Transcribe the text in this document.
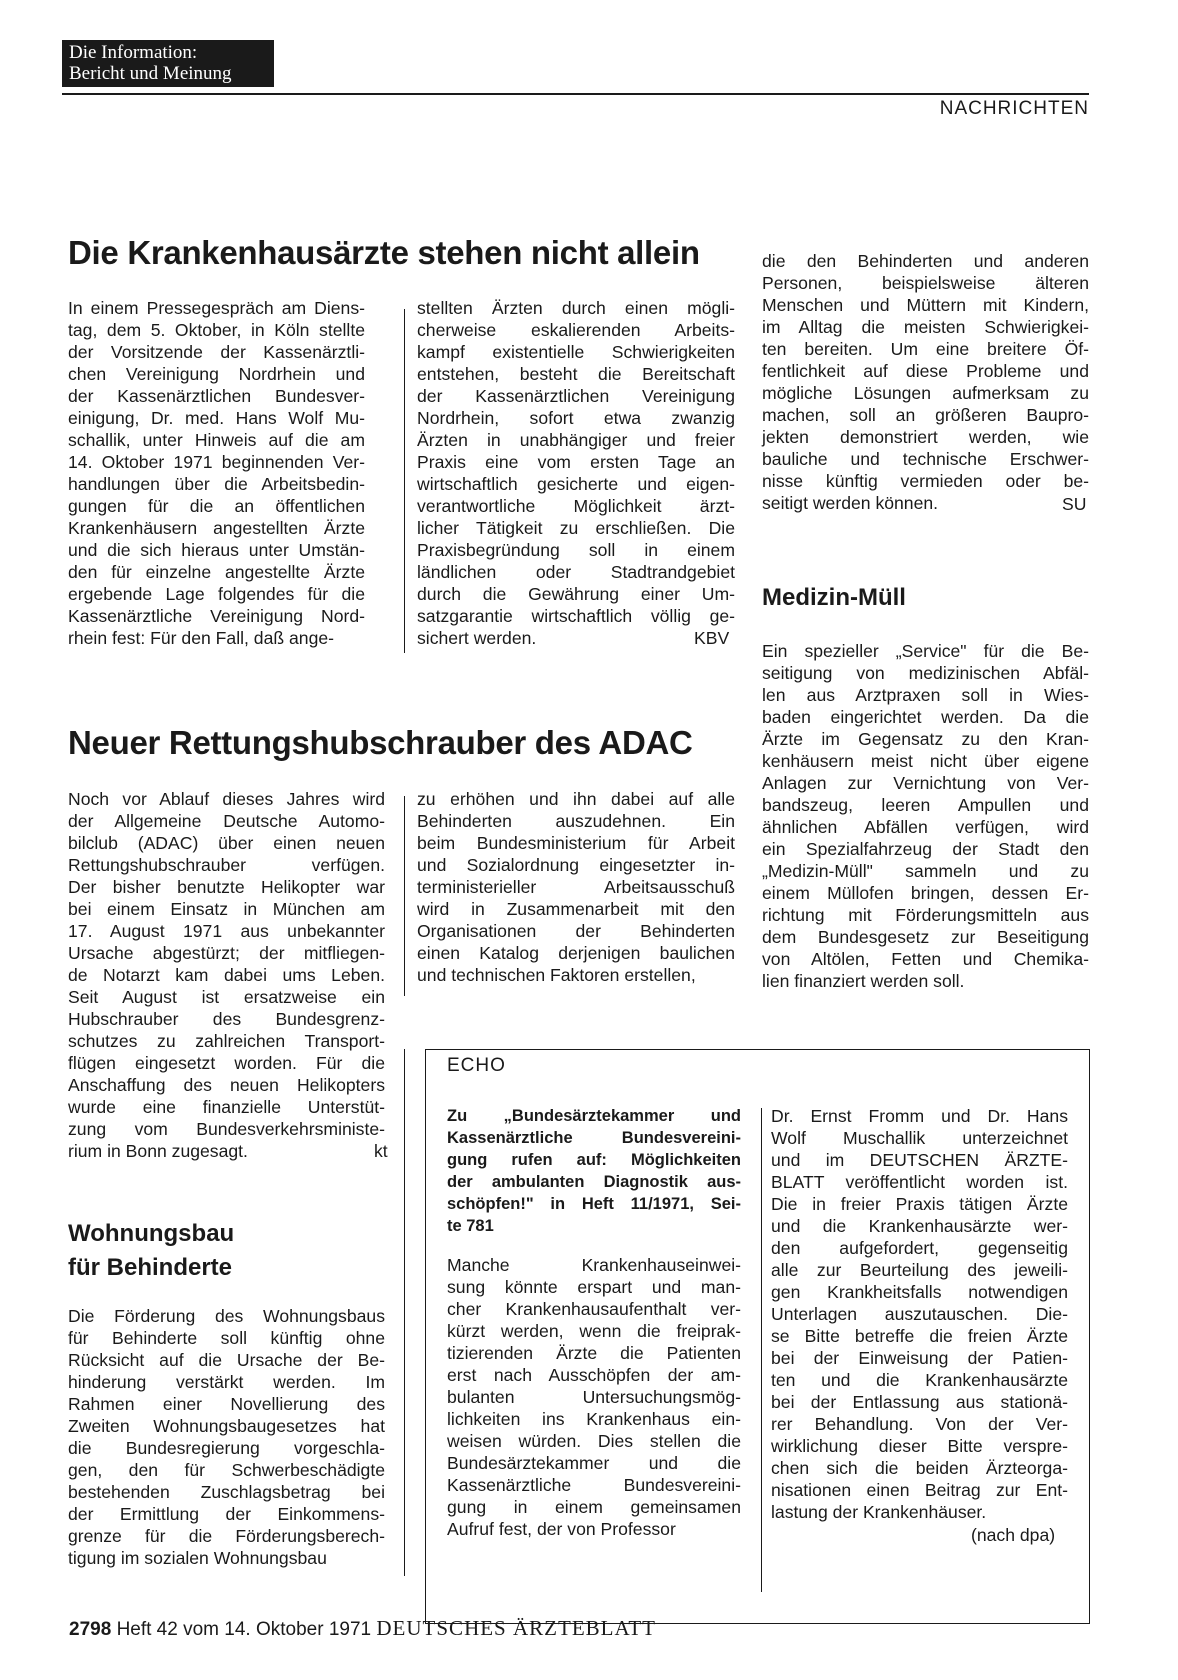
Die Information:
Bericht und Meinung
NACHRICHTEN
Die Krankenhausärzte stehen nicht allein
In einem Pressegespräch am Diens-
tag, dem 5. Oktober, in Köln stellte
der Vorsitzende der Kassenärztli-
chen Vereinigung Nordrhein und
der Kassenärztlichen Bundesver-
einigung, Dr. med. Hans Wolf Mu-
schallik, unter Hinweis auf die am
14. Oktober 1971 beginnenden Ver-
handlungen über die Arbeitsbedin-
gungen für die an öffentlichen
Krankenhäusern angestellten Ärzte
und die sich hieraus unter Umstän-
den für einzelne angestellte Ärzte
ergebende Lage folgendes für die
Kassenärztliche Vereinigung Nord-
rhein fest: Für den Fall, daß ange-
stellten Ärzten durch einen mögli-
cherweise eskalierenden Arbeits-
kampf existentielle Schwierigkeiten
entstehen, besteht die Bereitschaft
der Kassenärztlichen Vereinigung
Nordrhein, sofort etwa zwanzig
Ärzten in unabhängiger und freier
Praxis eine vom ersten Tage an
wirtschaftlich gesicherte und eigen-
verantwortliche Möglichkeit ärzt-
licher Tätigkeit zu erschließen. Die
Praxisbegründung soll in einem
ländlichen oder Stadtrandgebiet
durch die Gewährung einer Um-
satzgarantie wirtschaftlich völlig ge-
sichert werden.	KBV
die den Behinderten und anderen
Personen, beispielsweise älteren
Menschen und Müttern mit Kindern,
im Alltag die meisten Schwierigkei-
ten bereiten. Um eine breitere Öf-
fentlichkeit auf diese Probleme und
mögliche Lösungen aufmerksam zu
machen, soll an größeren Baupro-
jekten demonstriert werden, wie
bauliche und technische Erschwer-
nisse künftig vermieden oder be-
seitigt werden können.	SU
Medizin-Müll
Ein spezieller „Service" für die Be-
seitigung von medizinischen Abfäl-
len aus Arztpraxen soll in Wies-
baden eingerichtet werden. Da die
Ärzte im Gegensatz zu den Kran-
kenhäusern meist nicht über eigene
Anlagen zur Vernichtung von Ver-
bandszeug, leeren Ampullen und
ähnlichen Abfällen verfügen, wird
ein Spezialfahrzeug der Stadt den
„Medizin-Müll" sammeln und zu
einem Müllofen bringen, dessen Er-
richtung mit Förderungsmitteln aus
dem Bundesgesetz zur Beseitigung
von Altölen, Fetten und Chemika-
lien finanziert werden soll.
Neuer Rettungshubschrauber des ADAC
Noch vor Ablauf dieses Jahres wird
der Allgemeine Deutsche Automo-
bilclub (ADAC) über einen neuen
Rettungshubschrauber verfügen.
Der bisher benutzte Helikopter war
bei einem Einsatz in München am
17. August 1971 aus unbekannter
Ursache abgestürzt; der mitfliegen-
de Notarzt kam dabei ums Leben.
Seit August ist ersatzweise ein
Hubschrauber des Bundesgrenz-
schutzes zu zahlreichen Transport-
flügen eingesetzt worden. Für die
Anschaffung des neuen Helikopters
wurde eine finanzielle Unterstüt-
zung vom Bundesverkehrsministe-
rium in Bonn zugesagt.	kt
zu erhöhen und ihn dabei auf alle
Behinderten auszudehnen. Ein
beim Bundesministerium für Arbeit
und Sozialordnung eingesetzter in-
terministerieller Arbeitsausschuß
wird in Zusammenarbeit mit den
Organisationen der Behinderten
einen Katalog derjenigen baulichen
und technischen Faktoren erstellen,
Wohnungsbau
für Behinderte
Die Förderung des Wohnungsbaus
für Behinderte soll künftig ohne
Rücksicht auf die Ursache der Be-
hinderung verstärkt werden. Im
Rahmen einer Novellierung des
Zweiten Wohnungsbaugesetzes hat
die Bundesregierung vorgeschla-
gen, den für Schwerbeschädigte
bestehenden Zuschlagsbetrag bei
der Ermittlung der Einkommens-
grenze für die Förderungsberech-
tigung im sozialen Wohnungsbau
ECHO
Zu „Bundesärztekammer und
Kassenärztliche Bundesvereini-
gung rufen auf: Möglichkeiten
der ambulanten Diagnostik aus-
schöpfen!" in Heft 11/1971, Sei-
te 781
Manche Krankenhauseinwei-
sung könnte erspart und man-
cher Krankenhausaufenthalt ver-
kürzt werden, wenn die freiprak-
tizierenden Ärzte die Patienten
erst nach Ausschöpfen der am-
bulanten Untersuchungsmög-
lichkeiten ins Krankenhaus ein-
weisen würden. Dies stellen die
Bundesärztekammer und die
Kassenärztliche Bundesvereini-
gung in einem gemeinsamen
Aufruf fest, der von Professor
Dr. Ernst Fromm und Dr. Hans
Wolf Muschallik unterzeichnet
und im DEUTSCHEN ÄRZTE-
BLATT veröffentlicht worden ist.
Die in freier Praxis tätigen Ärzte
und die Krankenhausärzte wer-
den aufgefordert, gegenseitig
alle zur Beurteilung des jeweili-
gen Krankheitsfalls notwendigen
Unterlagen auszutauschen. Die-
se Bitte betreffe die freien Ärzte
bei der Einweisung der Patien-
ten und die Krankenhausärzte
bei der Entlassung aus stationä-
rer Behandlung. Von der Ver-
wirklichung dieser Bitte verspre-
chen sich die beiden Ärzteorga-
nisationen einen Beitrag zur Ent-
lastung der Krankenhäuser.
(nach dpa)
2798 Heft 42 vom 14. Oktober 1971 DEUTSCHES ÄRZTEBLATT
